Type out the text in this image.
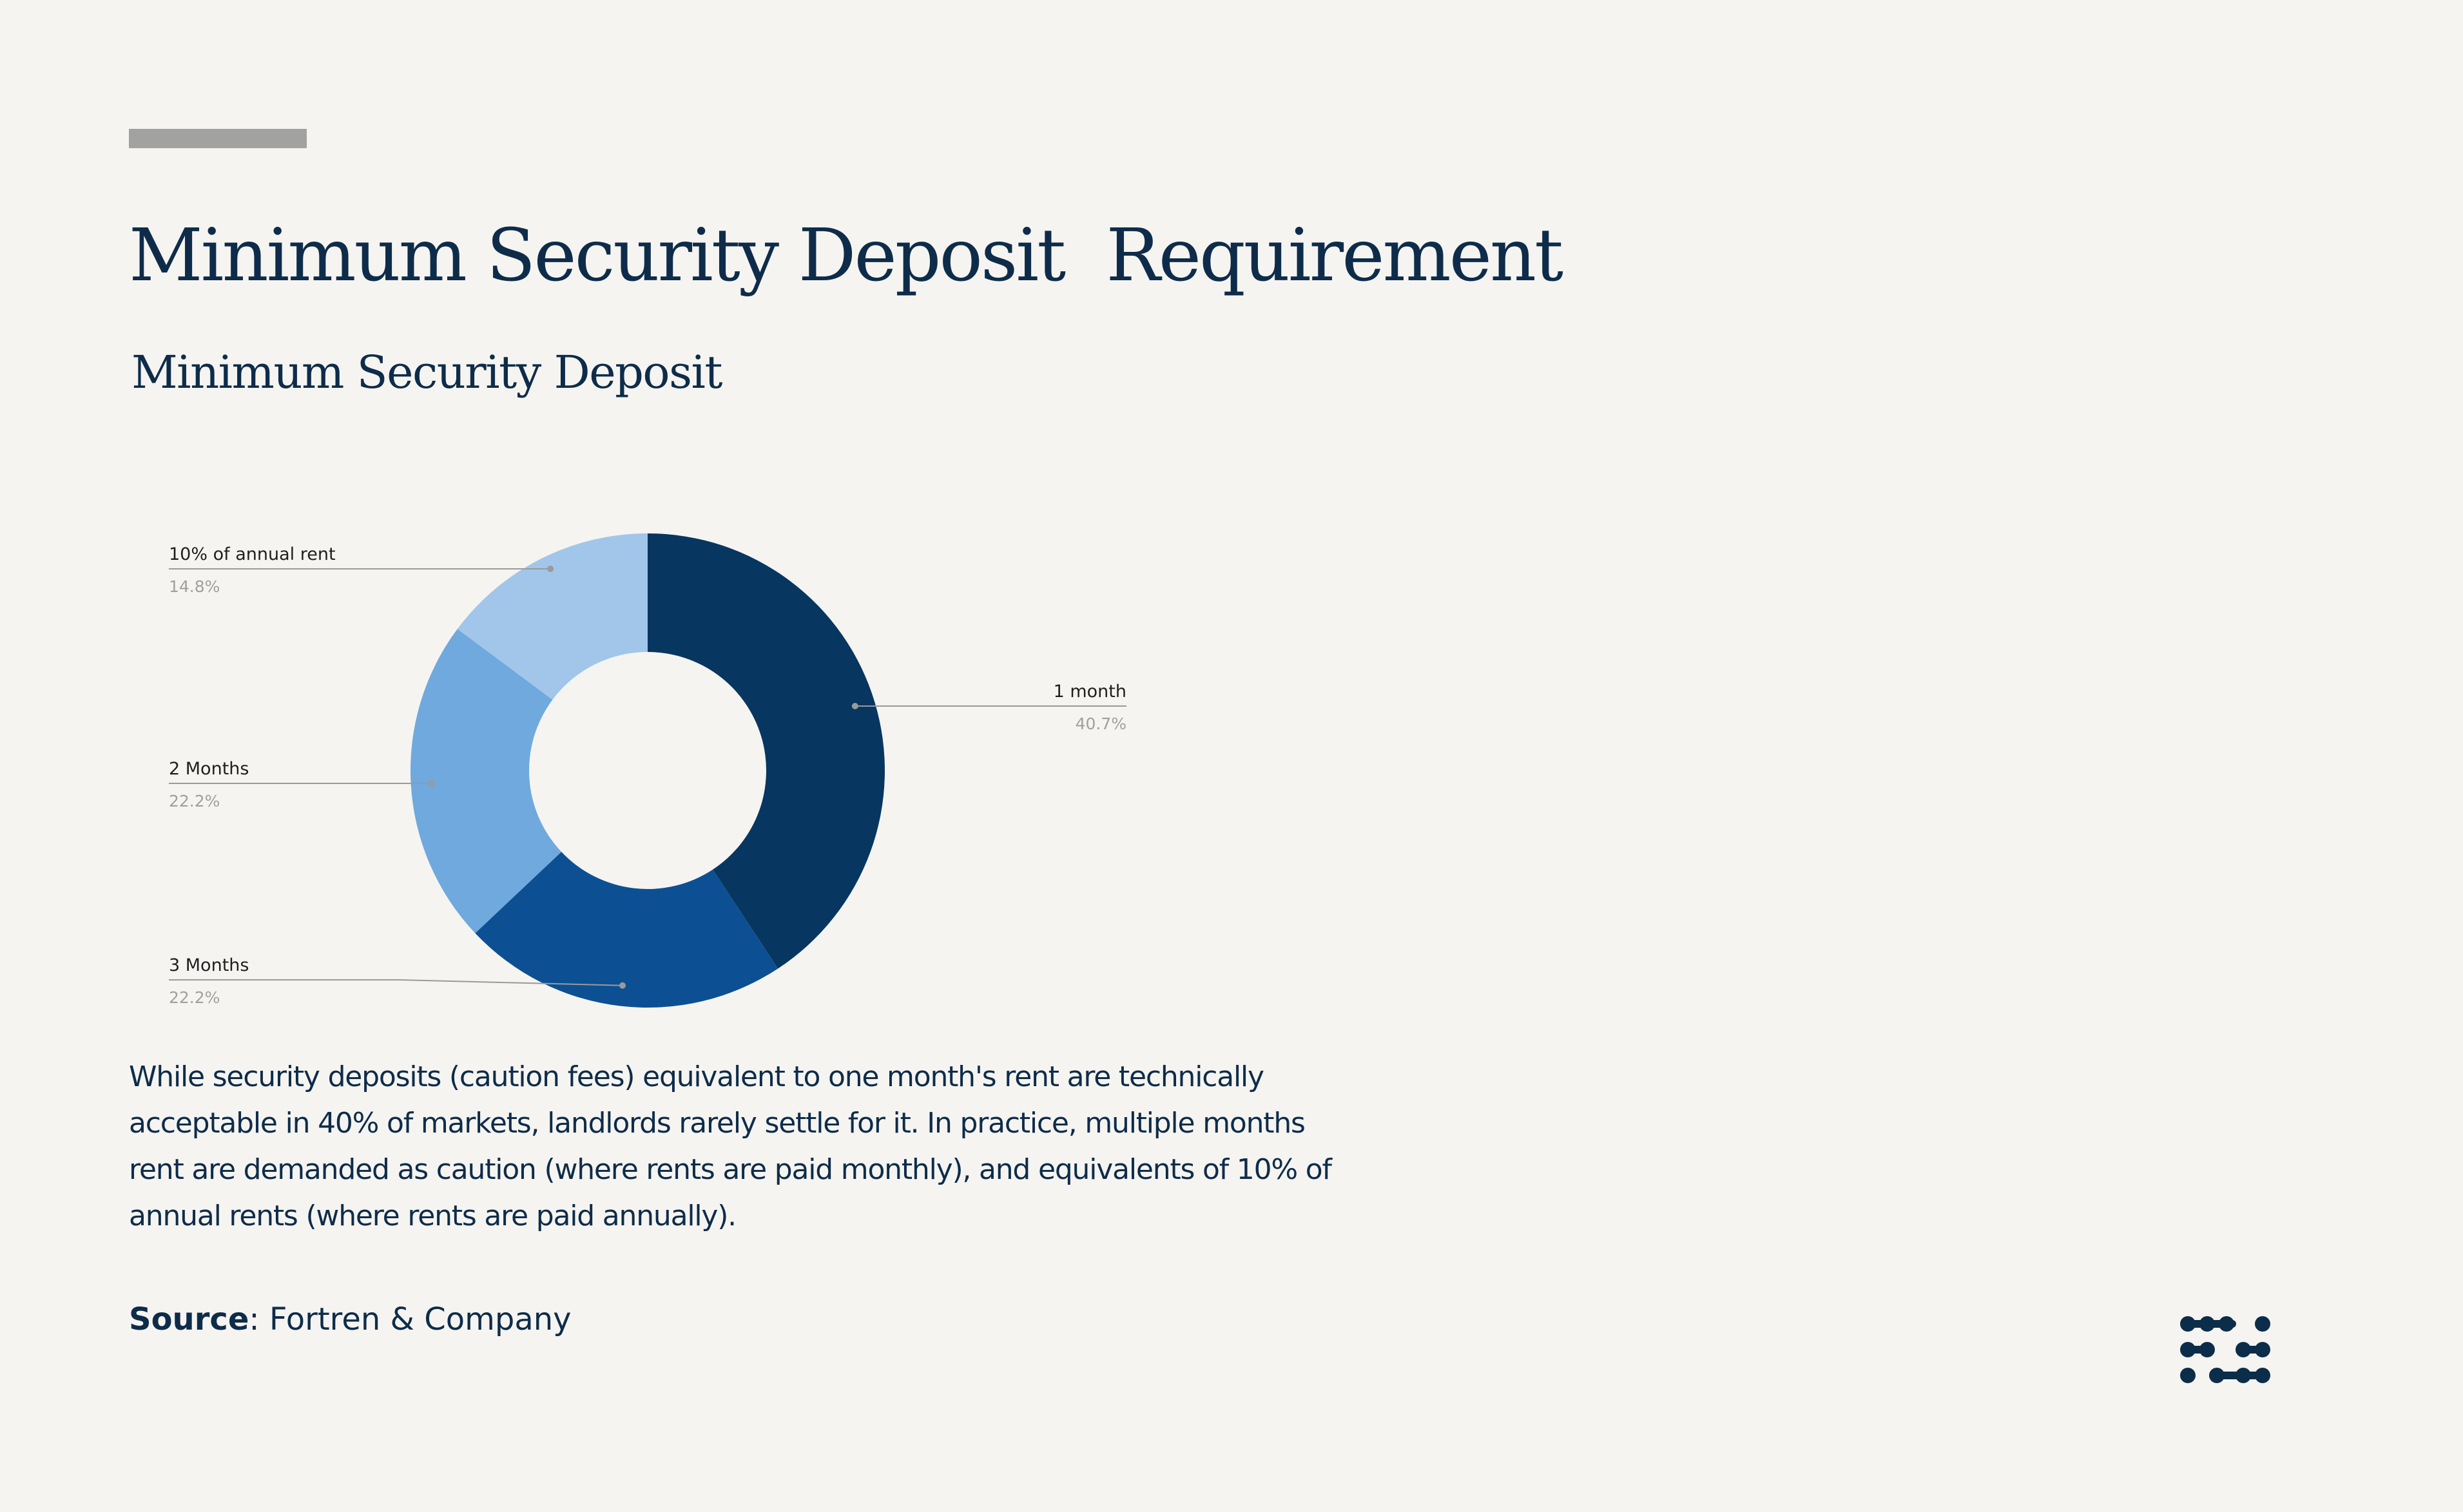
Minimum Security Deposit  Requirement
Minimum Security Deposit
1 month
40.7%
3 Months
22.2%
2 Months
22.2%
10% of annual rent
14.8%

While security deposits (caution fees) equivalent to one month's rent are technically acceptable in 40% of markets, landlords rarely settle for it. In practice, multiple months rent are demanded as caution (where rents are paid monthly), and equivalents of 10% of annual rents (where rents are paid annually).

Source: Fortren & Company
